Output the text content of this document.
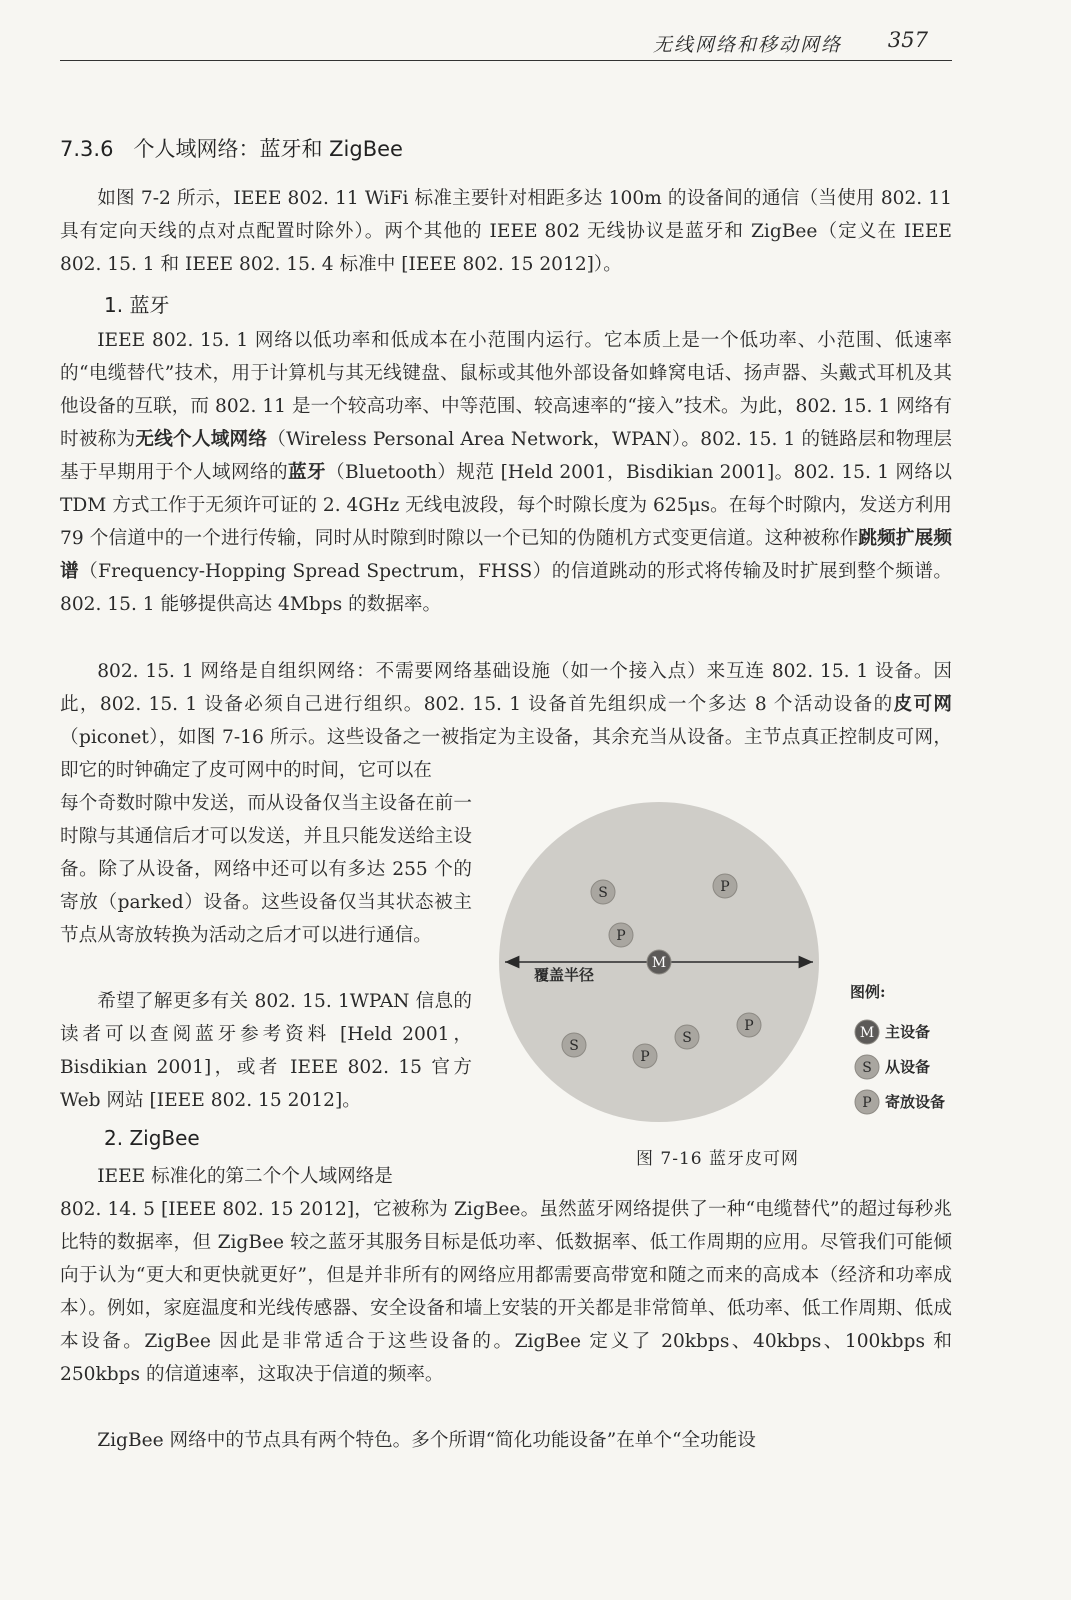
无线网络和移动网络 357
7.3.6 个人域网络：蓝牙和 ZigBee
如图 7-2 所示，IEEE 802. 11 WiFi 标准主要针对相距多达 100m 的设备间的通信（当使用 802. 11 具有定向天线的点对点配置时除外）。两个其他的 IEEE 802 无线协议是蓝牙和 ZigBee（定义在 IEEE 802. 15. 1 和 IEEE 802. 15. 4 标准中 [IEEE 802. 15 2012]）。
1. 蓝牙
IEEE 802. 15. 1 网络以低功率和低成本在小范围内运行。它本质上是一个低功率、小范围、低速率的“电缆替代”技术，用于计算机与其无线键盘、鼠标或其他外部设备如蜂窝电话、扬声器、头戴式耳机及其他设备的互联，而 802. 11 是一个较高功率、中等范围、较高速率的“接入”技术。为此，802. 15. 1 网络有时被称为无线个人域网络（Wireless Personal Area Network，WPAN）。802. 15. 1 的链路层和物理层基于早期用于个人域网络的蓝牙（Bluetooth）规范 [Held 2001，Bisdikian 2001]。802. 15. 1 网络以 TDM 方式工作于无须许可证的 2. 4GHz 无线电波段，每个时隙长度为 625μs。在每个时隙内，发送方利用 79 个信道中的一个进行传输，同时从时隙到时隙以一个已知的伪随机方式变更信道。这种被称作跳频扩展频谱（Frequency-Hopping Spread Spectrum，FHSS）的信道跳动的形式将传输及时扩展到整个频谱。802. 15. 1 能够提供高达 4Mbps 的数据率。
802. 15. 1 网络是自组织网络：不需要网络基础设施（如一个接入点）来互连 802. 15. 1 设备。因此，802. 15. 1 设备必须自己进行组织。802. 15. 1 设备首先组织成一个多达 8 个活动设备的皮可网（piconet），如图 7-16 所示。这些设备之一被指定为主设备，其余充当从设备。主节点真正控制皮可网，即它的时钟确定了皮可网中的时间，它可以在
每个奇数时隙中发送，而从设备仅当主设备在前一时隙与其通信后才可以发送，并且只能发送给主设备。除了从设备，网络中还可以有多达 255 个的寄放（parked）设备。这些设备仅当其状态被主节点从寄放转换为活动之后才可以进行通信。
希望了解更多有关 802. 15. 1WPAN 信息的读者可以查阅蓝牙参考资料 [Held 2001，Bisdikian 2001]，或者 IEEE 802. 15 官方 Web 网站 [IEEE 802. 15 2012]。
2. ZigBee
IEEE 标准化的第二个个人域网络是
802. 14. 5 [IEEE 802. 15 2012]，它被称为 ZigBee。虽然蓝牙网络提供了一种“电缆替代”的超过每秒兆比特的数据率，但 ZigBee 较之蓝牙其服务目标是低功率、低数据率、低工作周期的应用。尽管我们可能倾向于认为“更大和更快就更好”，但是并非所有的网络应用都需要高带宽和随之而来的高成本（经济和功率成本）。例如，家庭温度和光线传感器、安全设备和墙上安装的开关都是非常简单、低功率、低工作周期、低成本设备。ZigBee 因此是非常适合于这些设备的。ZigBee 定义了 20kbps、40kbps、100kbps 和 250kbps 的信道速率，这取决于信道的频率。
ZigBee 网络中的节点具有两个特色。多个所谓“简化功能设备”在单个“全功能设
覆盖半径
S	P
P
M
S	S
P
P
图例:
M 主设备
S 从设备
P 寄放设备
图 7-16 蓝牙皮可网
